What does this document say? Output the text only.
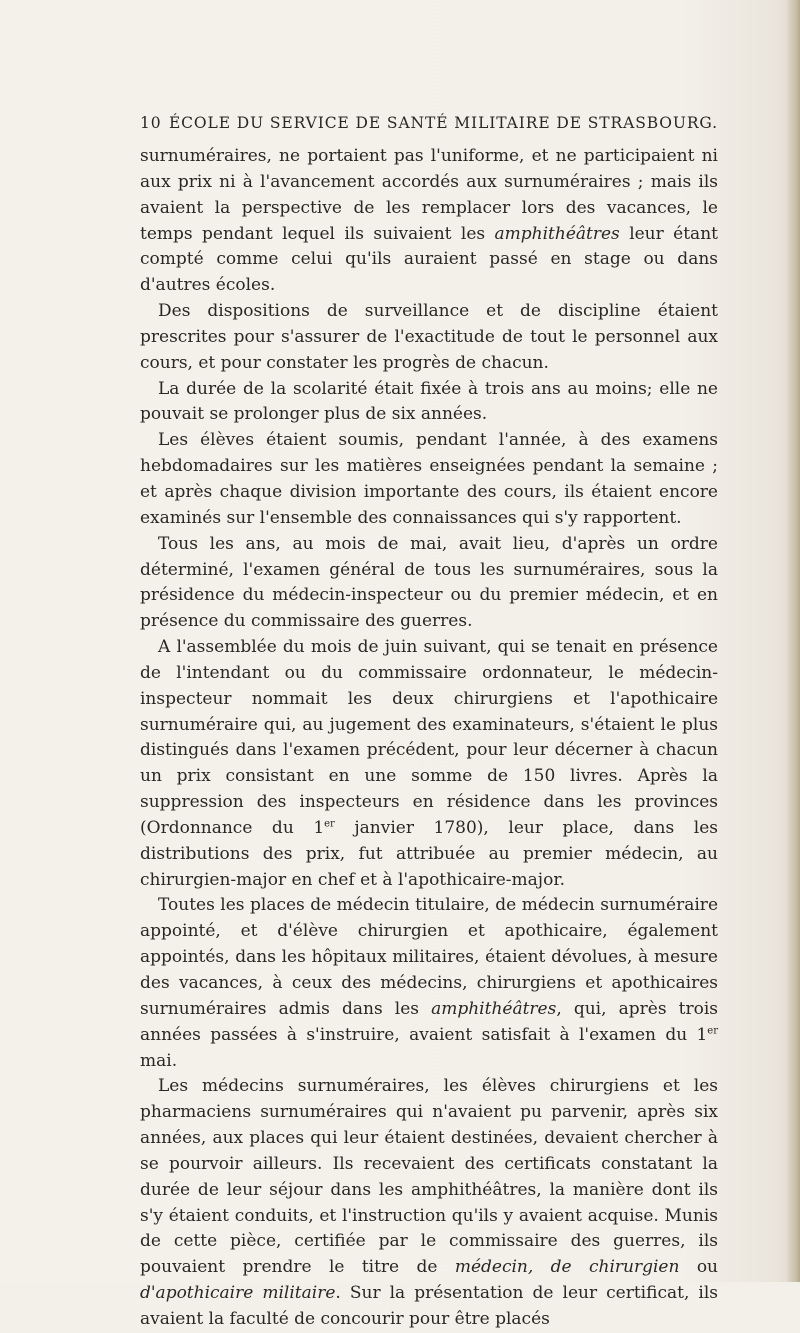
10 ÉCOLE DU SERVICE DE SANTÉ MILITAIRE DE STRASBOURG.

surnuméraires, ne portaient pas l'uniforme, et ne participaient ni aux prix ni à l'avancement accordés aux surnuméraires ; mais ils avaient la perspective de les remplacer lors des vacances, le temps pendant lequel ils suivaient les amphithéâtres leur étant compté comme celui qu'ils auraient passé en stage ou dans d'autres écoles.

Des dispositions de surveillance et de discipline étaient prescrites pour s'assurer de l'exactitude de tout le personnel aux cours, et pour constater les progrès de chacun.

La durée de la scolarité était fixée à trois ans au moins; elle ne pouvait se prolonger plus de six années.

Les élèves étaient soumis, pendant l'année, à des examens hebdomadaires sur les matières enseignées pendant la semaine ; et après chaque division importante des cours, ils étaient encore examinés sur l'ensemble des connaissances qui s'y rapportent.

Tous les ans, au mois de mai, avait lieu, d'après un ordre déterminé, l'examen général de tous les surnuméraires, sous la présidence du médecin-inspecteur ou du premier médecin, et en présence du commissaire des guerres.

A l'assemblée du mois de juin suivant, qui se tenait en présence de l'intendant ou du commissaire ordonnateur, le médecin-inspecteur nommait les deux chirurgiens et l'apothicaire surnuméraire qui, au jugement des examinateurs, s'étaient le plus distingués dans l'examen précédent, pour leur décerner à chacun un prix consistant en une somme de 150 livres. Après la suppression des inspecteurs en résidence dans les provinces (Ordonnance du 1er janvier 1780), leur place, dans les distributions des prix, fut attribuée au premier médecin, au chirurgien-major en chef et à l'apothicaire-major.

Toutes les places de médecin titulaire, de médecin surnuméraire appointé, et d'élève chirurgien et apothicaire, également appointés, dans les hôpitaux militaires, étaient dévolues, à mesure des vacances, à ceux des médecins, chirurgiens et apothicaires surnuméraires admis dans les amphithéâtres, qui, après trois années passées à s'instruire, avaient satisfait à l'examen du 1er mai.

Les médecins surnuméraires, les élèves chirurgiens et les pharmaciens surnuméraires qui n'avaient pu parvenir, après six années, aux places qui leur étaient destinées, devaient chercher à se pourvoir ailleurs. Ils recevaient des certificats constatant la durée de leur séjour dans les amphithéâtres, la manière dont ils s'y étaient conduits, et l'instruction qu'ils y avaient acquise. Munis de cette pièce, certifiée par le commissaire des guerres, ils pouvaient prendre le titre de médecin, de chirurgien ou d'apothicaire militaire. Sur la présentation de leur certificat, ils avaient la faculté de concourir pour être placés
